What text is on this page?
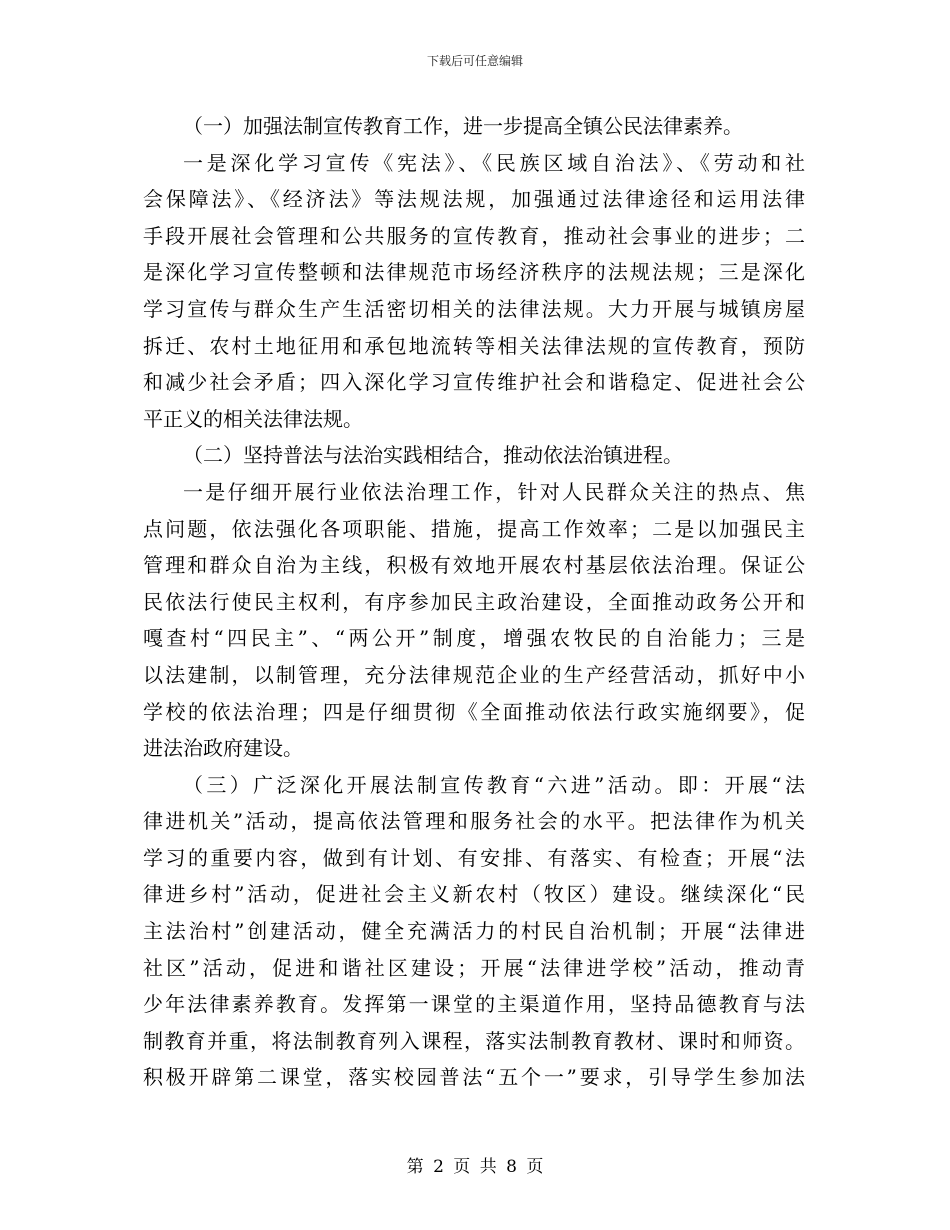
下载后可任意编辑
（一）加强法制宣传教育工作，进一步提高全镇公民法律素养。
一是深化学习宣传《宪法》、《民族区域自治法》、《劳动和社
会保障法》、《经济法》等法规法规，加强通过法律途径和运用法律
手段开展社会管理和公共服务的宣传教育，推动社会事业的进步；二
是深化学习宣传整顿和法律规范市场经济秩序的法规法规；三是深化
学习宣传与群众生产生活密切相关的法律法规。大力开展与城镇房屋
拆迁、农村土地征用和承包地流转等相关法律法规的宣传教育，预防
和减少社会矛盾；四入深化学习宣传维护社会和谐稳定、促进社会公
平正义的相关法律法规。
（二）坚持普法与法治实践相结合，推动依法治镇进程。
一是仔细开展行业依法治理工作，针对人民群众关注的热点、焦
点问题，依法强化各项职能、措施，提高工作效率；二是以加强民主
管理和群众自治为主线，积极有效地开展农村基层依法治理。保证公
民依法行使民主权利，有序参加民主政治建设，全面推动政务公开和
嘎查村“四民主”、“两公开”制度，增强农牧民的自治能力；三是
以法建制，以制管理，充分法律规范企业的生产经营活动，抓好中小
学校的依法治理；四是仔细贯彻《全面推动依法行政实施纲要》，促
进法治政府建设。
（三）广泛深化开展法制宣传教育“六进”活动。即：开展“法
律进机关”活动，提高依法管理和服务社会的水平。把法律作为机关
学习的重要内容，做到有计划、有安排、有落实、有检查；开展“法
律进乡村”活动，促进社会主义新农村（牧区）建设。继续深化“民
主法治村”创建活动，健全充满活力的村民自治机制；开展“法律进
社区”活动，促进和谐社区建设；开展“法律进学校”活动，推动青
少年法律素养教育。发挥第一课堂的主渠道作用，坚持品德教育与法
制教育并重，将法制教育列入课程，落实法制教育教材、课时和师资。
积极开辟第二课堂，落实校园普法“五个一”要求，引导学生参加法
第 2 页 共 8 页
